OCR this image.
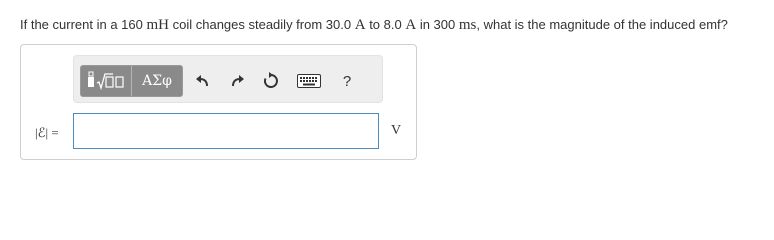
If the current in a 160 mH coil changes steadily from 30.0 A to 8.0 A in 300 ms, what is the magnitude of the induced emf?
ΑΣφ	?
|ℰ| =	V
